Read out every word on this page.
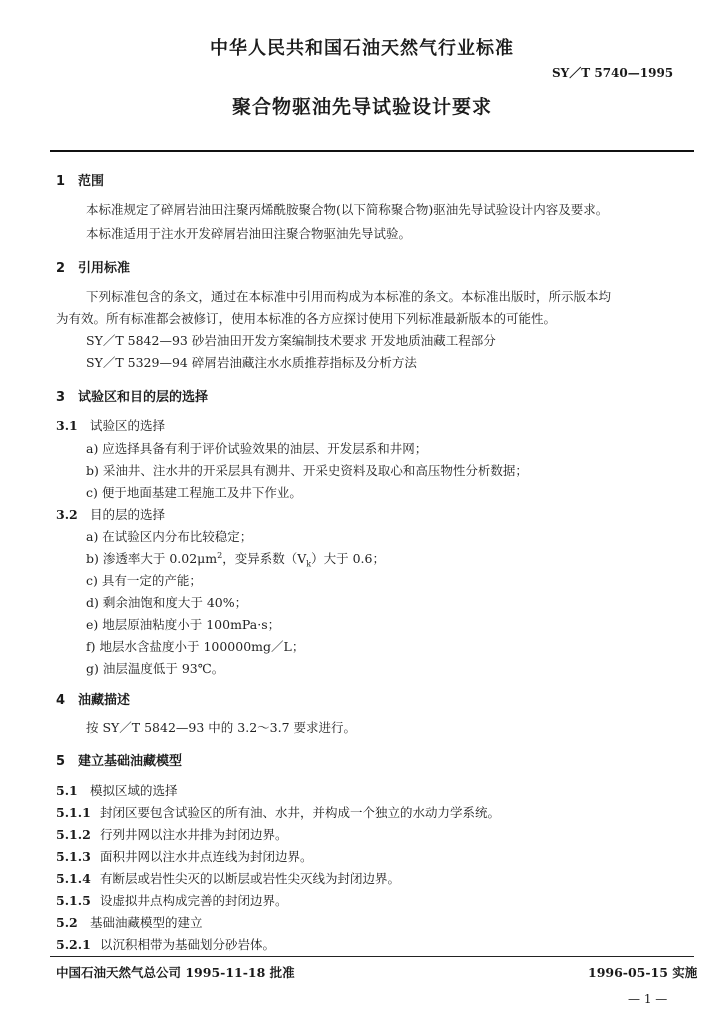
中华人民共和国石油天然气行业标准
SY／T 5740—1995
聚合物驱油先导试验设计要求
1 范围
本标准规定了碎屑岩油田注聚丙烯酰胺聚合物(以下简称聚合物)驱油先导试验设计内容及要求。
本标准适用于注水开发碎屑岩油田注聚合物驱油先导试验。
2 引用标准
下列标准包含的条文，通过在本标准中引用而构成为本标准的条文。本标准出版时，所示版本均
为有效。所有标准都会被修订，使用本标准的各方应探讨使用下列标准最新版本的可能性。
SY／T 5842—93 砂岩油田开发方案编制技术要求 开发地质油藏工程部分
SY／T 5329—94 碎屑岩油藏注水水质推荐指标及分析方法
3 试验区和目的层的选择
3.1 试验区的选择
a) 应选择具备有利于评价试验效果的油层、开发层系和井网；
b) 采油井、注水井的开采层具有测井、开采史资料及取心和高压物性分析数据；
c) 便于地面基建工程施工及井下作业。
3.2 目的层的选择
a) 在试验区内分布比较稳定；
b) 渗透率大于 $0.02\mu m^2$，变异系数$(V_k)$大于 0.6；
c) 具有一定的产能；
d) 剩余油饱和度大于 40%；
e) 地层原油粘度小于 100mPa·s；
f) 地层水含盐度小于 100000mg／L；
g) 油层温度低于 93℃。
4 油藏描述
按 SY／T 5842—93 中的 3.2～3.7 要求进行。
5 建立基础油藏模型
5.1 模拟区域的选择
5.1.1 封闭区要包含试验区的所有油、水井，并构成一个独立的水动力学系统。
5.1.2 行列井网以注水井排为封闭边界。
5.1.3 面积井网以注水井点连线为封闭边界。
5.1.4 有断层或岩性尖灭的以断层或岩性尖灭线为封闭边界。
5.1.5 设虚拟井点构成完善的封闭边界。
5.2 基础油藏模型的建立
5.2.1 以沉积相带为基础划分砂岩体。
中国石油天然气总公司 1995-11-18 批准	1996-05-15 实施
— 1 —
